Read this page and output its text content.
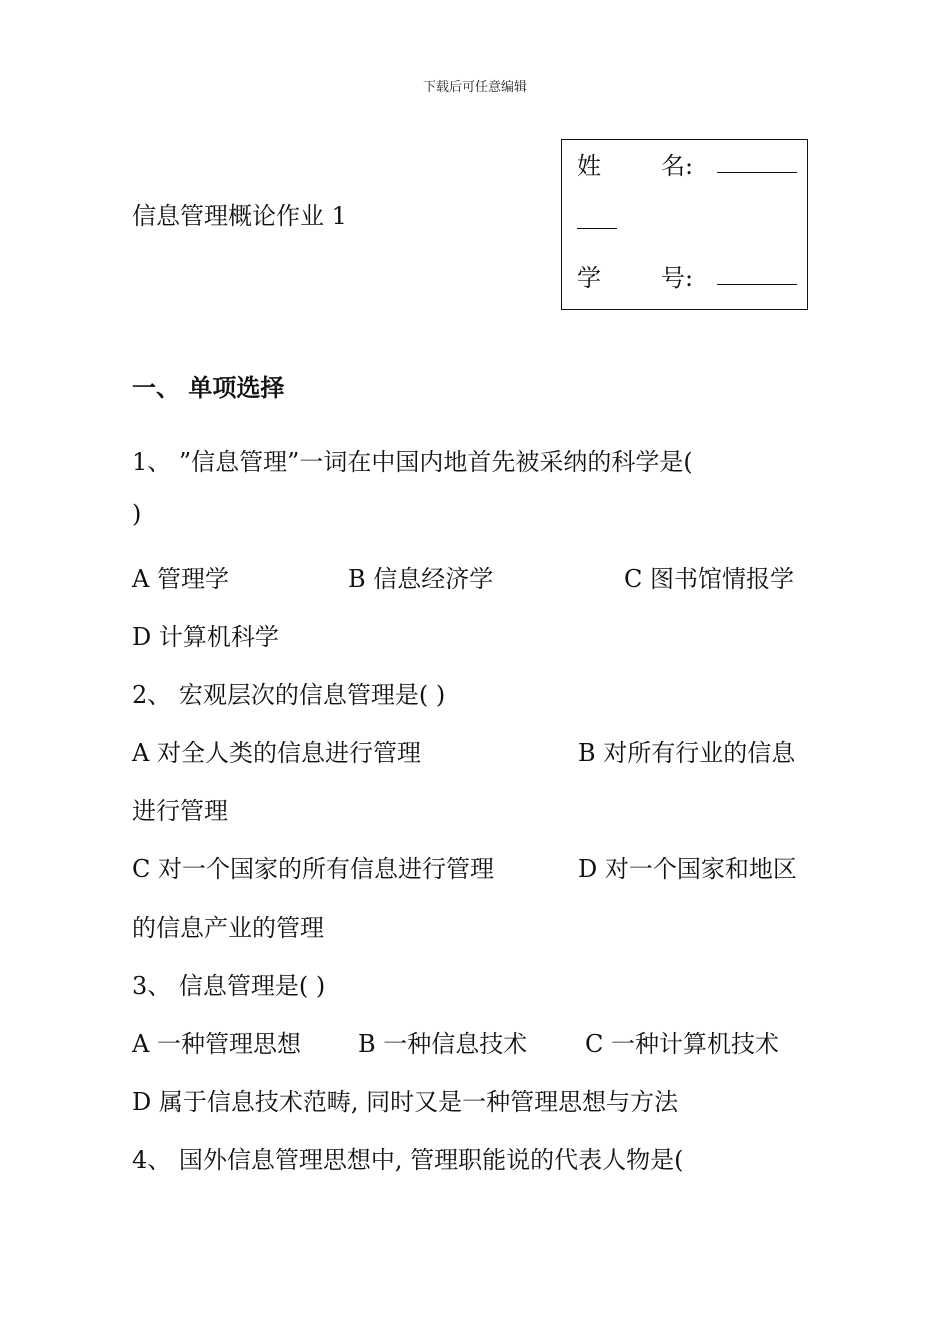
下载后可任意编辑
信息管理概论作业 1
姓	名:
学	号:
一、 单项选择
1、 ”信息管理”一词在中国内地首先被采纳的科学是(
)
A 管理学	B 信息经济学	C 图书馆情报学
D 计算机科学
2、 宏观层次的信息管理是( )
A 对全人类的信息进行管理	B 对所有行业的信息
进行管理
C 对一个国家的所有信息进行管理	D 对一个国家和地区
的信息产业的管理
3、 信息管理是( )
A 一种管理思想 B 一种信息技术 C 一种计算机技术
D 属于信息技术范畴, 同时又是一种管理思想与方法
4、 国外信息管理思想中, 管理职能说的代表人物是(
